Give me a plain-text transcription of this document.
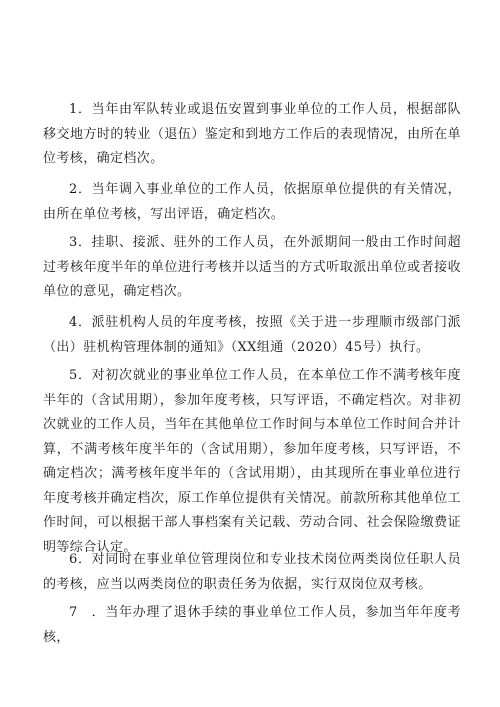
1．当年由军队转业或退伍安置到事业单位的工作人员，根据部队移交地方时的转业（退伍）鉴定和到地方工作后的表现情况，由所在单位考核，确定档次。

2．当年调入事业单位的工作人员，依据原单位提供的有关情况，由所在单位考核，写出评语，确定档次。

3．挂职、接派、驻外的工作人员，在外派期间一般由工作时间超过考核年度半年的单位进行考核并以适当的方式听取派出单位或者接收单位的意见，确定档次。

4．派驻机构人员的年度考核，按照《关于进一步理顺市级部门派（出）驻机构管理体制的通知》（XX组通（2020）45号）执行。

5．对初次就业的事业单位工作人员，在本单位工作不满考核年度半年的（含试用期），参加年度考核，只写评语，不确定档次。对非初次就业的工作人员，当年在其他单位工作时间与本单位工作时间合并计算，不满考核年度半年的（含试用期），参加年度考核，只写评语，不确定档次；满考核年度半年的（含试用期），由其现所在事业单位进行年度考核并确定档次，原工作单位提供有关情况。前款所称其他单位工作时间，可以根据干部人事档案有关记载、劳动合同、社会保险缴费证明等综合认定。

6．对同时在事业单位管理岗位和专业技术岗位两类岗位任职人员的考核，应当以两类岗位的职责任务为依据，实行双岗位双考核。

7　．当年办理了退休手续的事业单位工作人员，参加当年年度考核，
